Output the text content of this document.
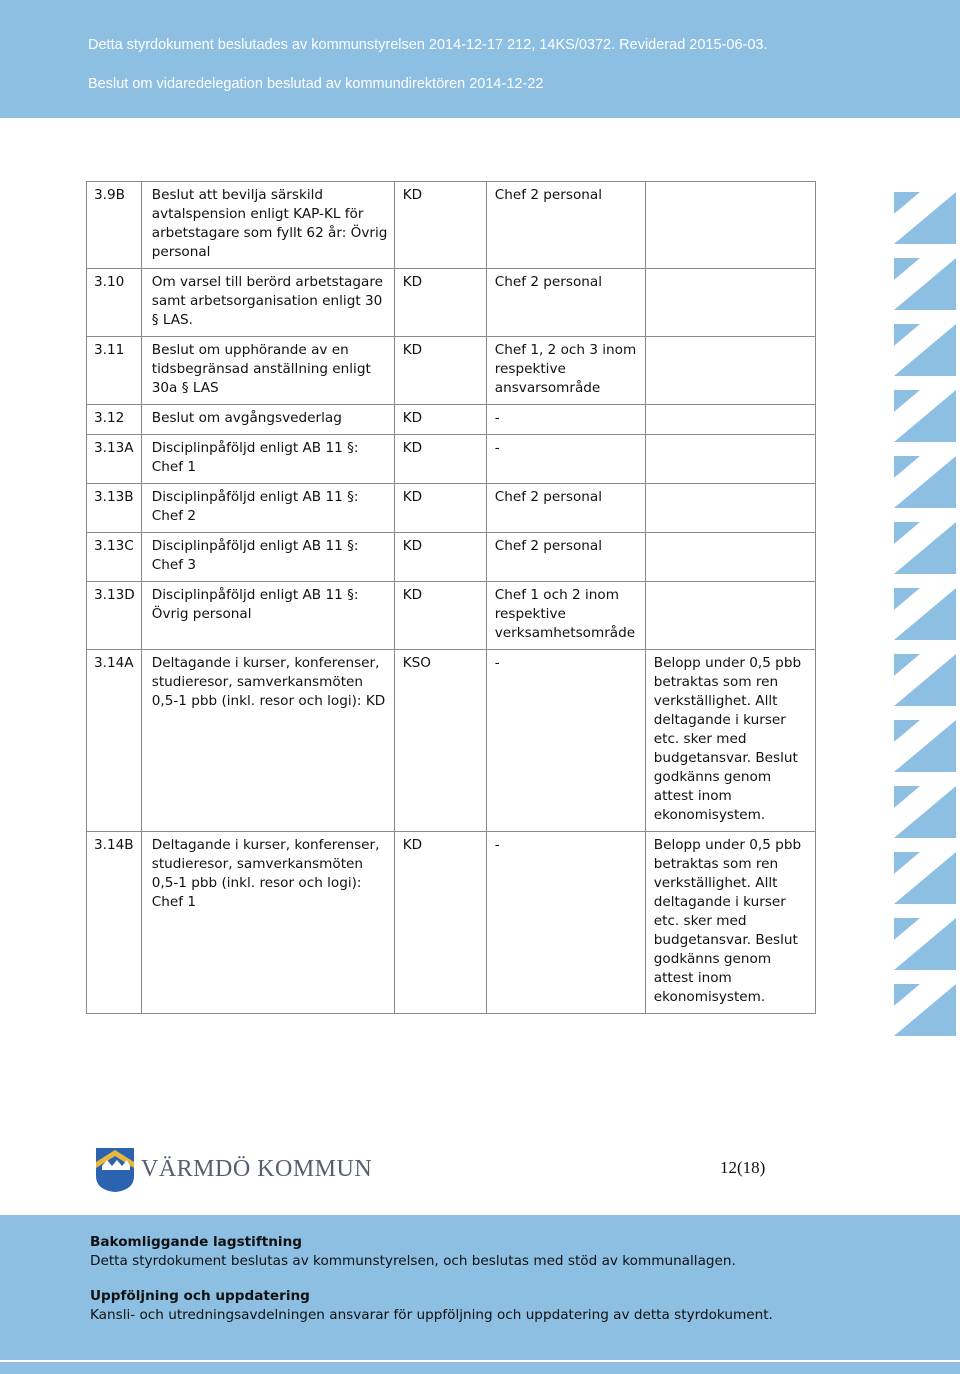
Detta styrdokument beslutades av kommunstyrelsen 2014-12-17 212, 14KS/0372. Reviderad 2015-06-03.
Beslut om vidaredelegation beslutad av kommundirektören 2014-12-22
3.9B	Beslut att bevilja särskild avtalspension enligt KAP-KL för arbetstagare som fyllt 62 år: Övrig personal	KD	Chef 2 personal	
3.10	Om varsel till berörd arbetstagare samt arbetsorganisation enligt 30 § LAS.	KD	Chef 2 personal	
3.11	Beslut om upphörande av en tidsbegränsad anställning enligt 30a § LAS	KD	Chef 1, 2 och 3 inom respektive ansvarsområde	
3.12	Beslut om avgångsvederlag	KD	-	
3.13A	Disciplinpåföljd enligt AB 11 §: Chef 1	KD	-	
3.13B	Disciplinpåföljd enligt AB 11 §: Chef 2	KD	Chef 2 personal	
3.13C	Disciplinpåföljd enligt AB 11 §: Chef 3	KD	Chef 2 personal	
3.13D	Disciplinpåföljd enligt AB 11 §: Övrig personal	KD	Chef 1 och 2 inom respektive verksamhetsområde	
3.14A	Deltagande i kurser, konferenser, studieresor, samverkansmöten 0,5-1 pbb (inkl. resor och logi): KD	KSO	-	Belopp under 0,5 pbb betraktas som ren verkställighet. Allt deltagande i kurser etc. sker med budgetansvar. Beslut godkänns genom attest inom ekonomisystem.
3.14B	Deltagande i kurser, konferenser, studieresor, samverkansmöten 0,5-1 pbb (inkl. resor och logi): Chef 1	KD	-	Belopp under 0,5 pbb betraktas som ren verkställighet. Allt deltagande i kurser etc. sker med budgetansvar. Beslut godkänns genom attest inom ekonomisystem.
VÄRMDÖ KOMMUN	12(18)
Bakomliggande lagstiftning
Detta styrdokument beslutas av kommunstyrelsen, och beslutas med stöd av kommunallagen.
Uppföljning och uppdatering
Kansli- och utredningsavdelningen ansvarar för uppföljning och uppdatering av detta styrdokument.
